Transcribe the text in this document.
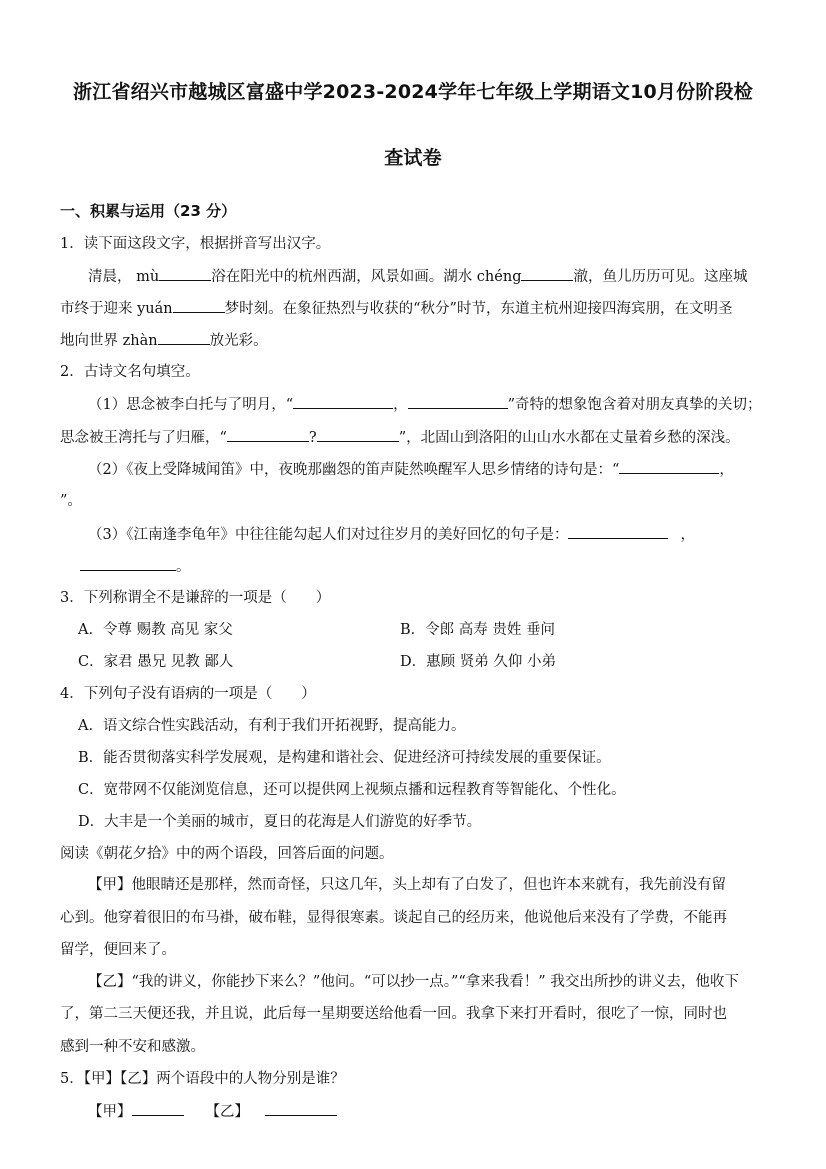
浙江省绍兴市越城区富盛中学2023-2024学年七年级上学期语文10月份阶段检
查试卷
一、积累与运用（23 分）
1．读下面这段文字，根据拼音写出汉字。
清晨， mù	浴在阳光中的杭州西湖，风景如画。湖水 chéng	澈，鱼儿历历可见。这座城
市终于迎来 yuán	梦时刻。在象征热烈与收获的“秋分”时节，东道主杭州迎接四海宾朋，在文明圣
地向世界 zhàn	放光彩。
2．古诗文名句填空。
（1）思念被李白托与了明月，“	，	”奇特的想象饱含着对朋友真挚的关切；
思念被王湾托与了归雁，“	?	”，北固山到洛阳的山山水水都在丈量着乡愁的深浅。
（2）《夜上受降城闻笛》中，夜晚那幽怨的笛声陡然唤醒军人思乡情绪的诗句是：“	，
”。
（3）《江南逢李龟年》中往往能勾起人们对过往岁月的美好回忆的句子是：	，
。
3．下列称谓全不是谦辞的一项是（　　）
A．令尊 赐教 高见 家父	B．令郎 高寿 贵姓 垂问
C．家君 愚兄 见教 鄙人	D．惠顾 贤弟 久仰 小弟
4．下列句子没有语病的一项是（　　）
A．语文综合性实践活动，有利于我们开拓视野，提高能力。
B．能否贯彻落实科学发展观，是构建和谐社会、促进经济可持续发展的重要保证。
C．宽带网不仅能浏览信息，还可以提供网上视频点播和远程教育等智能化、个性化。
D．大丰是一个美丽的城市，夏日的花海是人们游览的好季节。
阅读《朝花夕拾》中的两个语段，回答后面的问题。
【甲】他眼睛还是那样，然而奇怪，只这几年，头上却有了白发了，但也许本来就有，我先前没有留
心到。他穿着很旧的布马褂，破布鞋，显得很寒素。谈起自己的经历来，他说他后来没有了学费，不能再
留学，便回来了。
【乙】“我的讲义，你能抄下来么？”他问。“可以抄一点。”“拿来我看！” 我交出所抄的讲义去，他收下
了，第二三天便还我，并且说，此后每一星期要送给他看一回。我拿下来打开看时，很吃了一惊，同时也
感到一种不安和感激。
5．【甲】【乙】两个语段中的人物分别是谁？
【甲】	【乙】
